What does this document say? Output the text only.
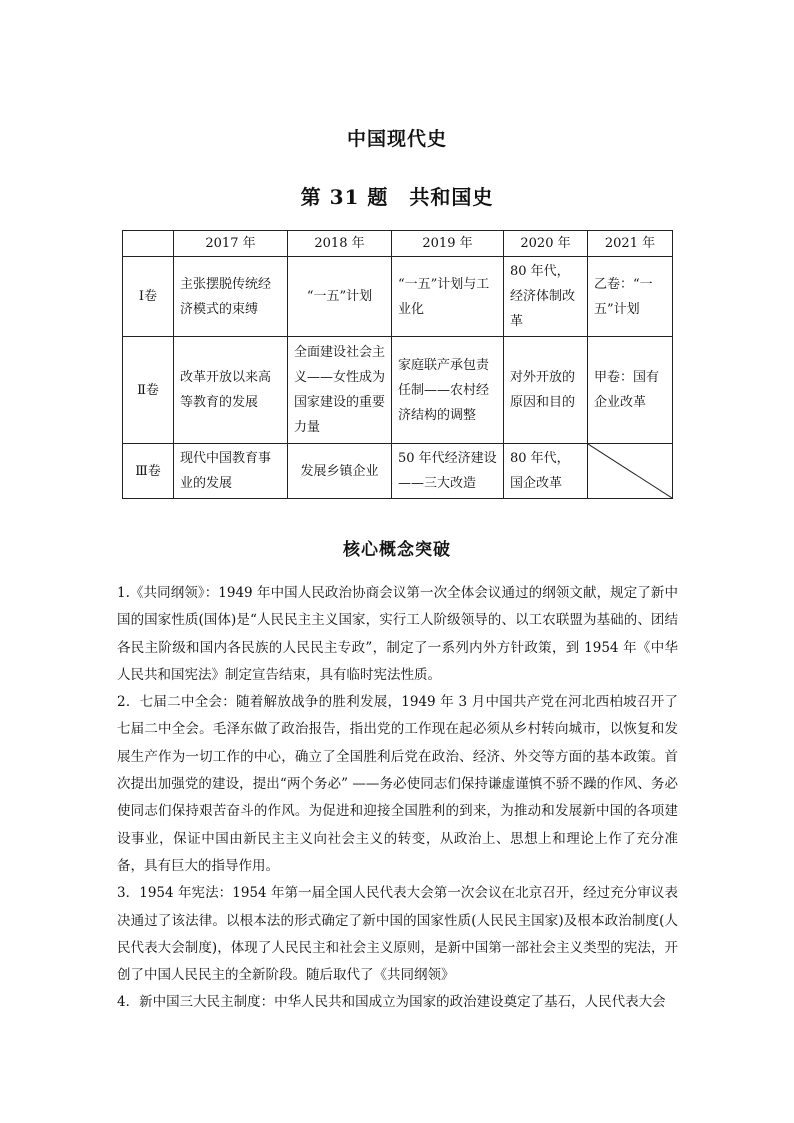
中国现代史
第 31 题　共和国史
	2017 年	2018 年	2019 年	2020 年	2021 年
Ⅰ卷	主张摆脱传统经济模式的束缚	“一五”计划	“一五”计划与工业化	80 年代，经济体制改革	乙卷：“一五”计划
Ⅱ卷	改革开放以来高等教育的发展	全面建设社会主义——女性成为国家建设的重要力量	家庭联产承包责任制——农村经济结构的调整	对外开放的原因和目的	甲卷：国有企业改革
Ⅲ卷	现代中国教育事业的发展	发展乡镇企业	50 年代经济建设——三大改造	80 年代，国企改革	
核心概念突破

1.《共同纲领》：1949 年中国人民政治协商会议第一次全体会议通过的纲领文献，规定了新中国的国家性质(国体)是“人民民主主义国家，实行工人阶级领导的、以工农联盟为基础的、团结各民主阶级和国内各民族的人民民主专政”，制定了一系列内外方针政策，到 1954 年《中华人民共和国宪法》制定宣告结束，具有临时宪法性质。

2．七届二中全会：随着解放战争的胜利发展，1949 年 3 月中国共产党在河北西柏坡召开了七届二中全会。毛泽东做了政治报告，指出党的工作现在起必须从乡村转向城市，以恢复和发展生产作为一切工作的中心，确立了全国胜利后党在政治、经济、外交等方面的基本政策。首次提出加强党的建设，提出“两个务必” ——务必使同志们保持谦虚谨慎不骄不躁的作风、务必使同志们保持艰苦奋斗的作风。为促进和迎接全国胜利的到来，为推动和发展新中国的各项建设事业，保证中国由新民主主义向社会主义的转变，从政治上、思想上和理论上作了充分准备，具有巨大的指导作用。

3．1954 年宪法：1954 年第一届全国人民代表大会第一次会议在北京召开，经过充分审议表决通过了该法律。以根本法的形式确定了新中国的国家性质(人民民主国家)及根本政治制度(人民代表大会制度)，体现了人民民主和社会主义原则，是新中国第一部社会主义类型的宪法，开创了中国人民民主的全新阶段。随后取代了《共同纲领》

4．新中国三大民主制度：中华人民共和国成立为国家的政治建设奠定了基石，人民代表大会
